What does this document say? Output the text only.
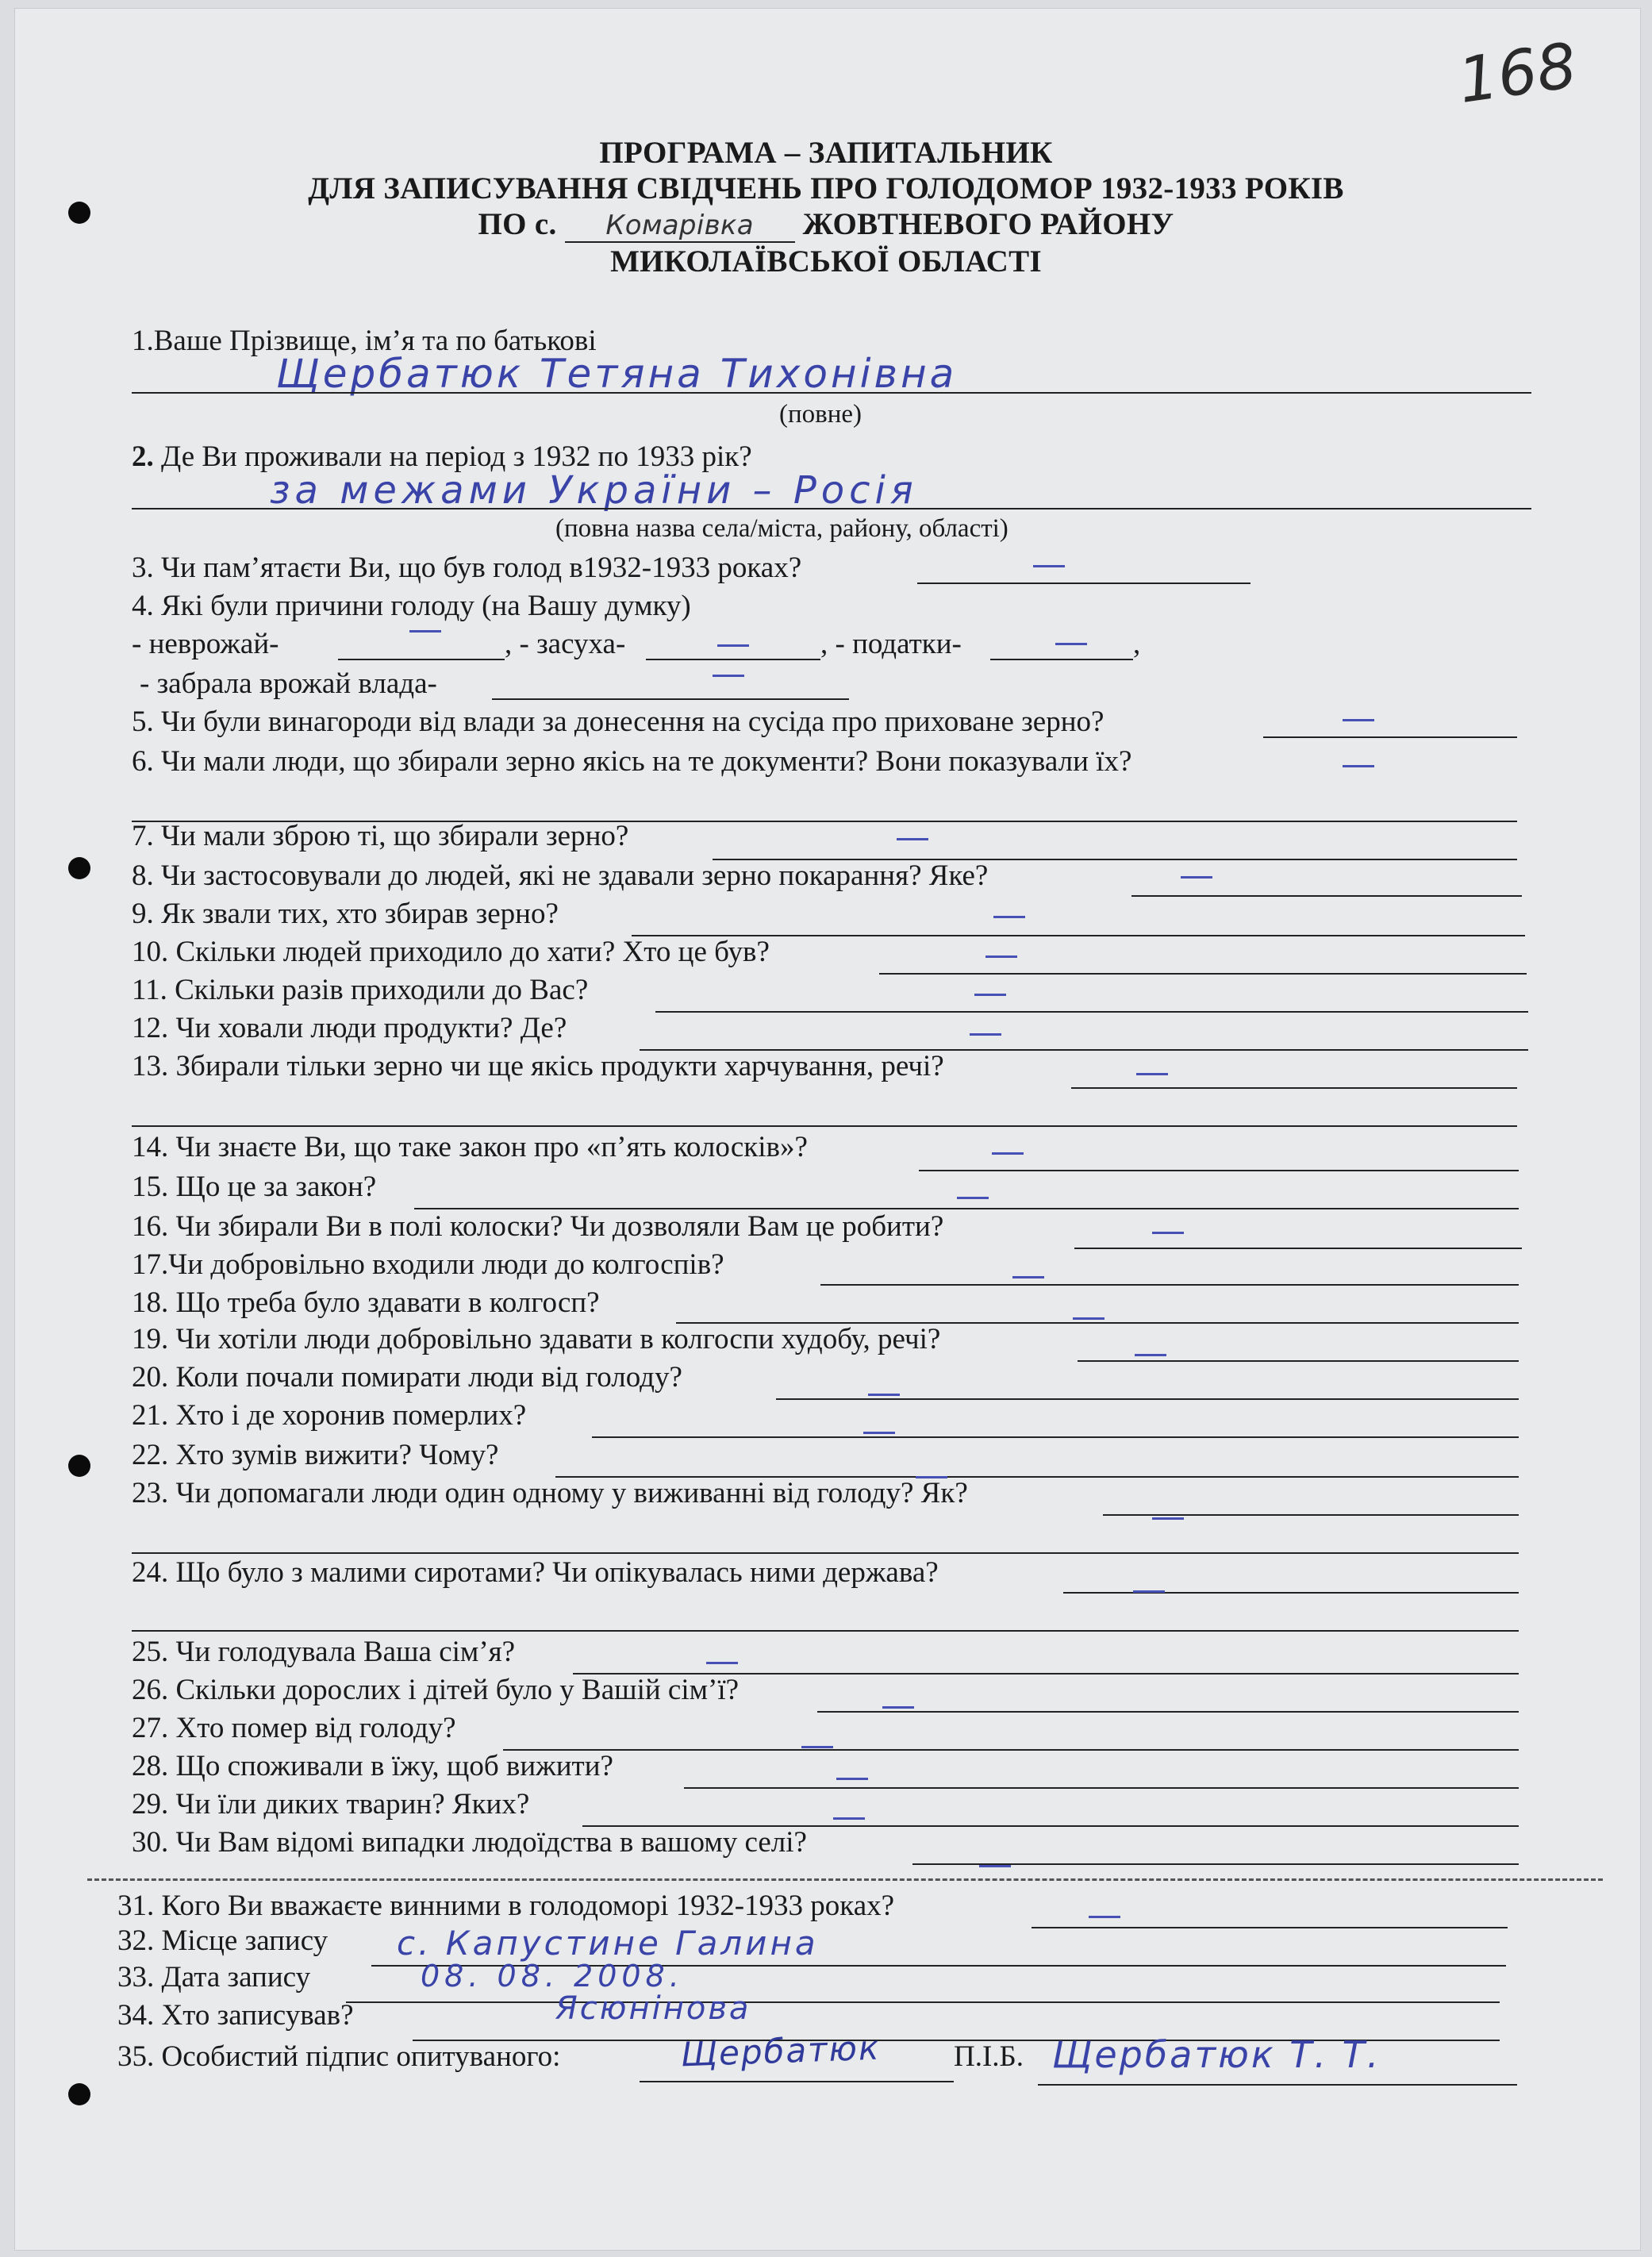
168
ПРОГРАМА – ЗАПИТАЛЬНИК
ДЛЯ ЗАПИСУВАННЯ СВІДЧЕНЬ ПРО ГОЛОДОМОР 1932-1933 РОКІВ
ПО с. Комарівка ЖОВТНЕВОГО РАЙОНУ
МИКОЛАЇВСЬКОЇ ОБЛАСТІ
1.Ваше Прізвище, ім’я та по батькові
Щербатюк Тетяна Тихонівна
(повне)
2. Де Ви проживали на період з 1932 по 1933 рік?
за межами України – Росія
(повна назва села/міста, району, області)
3. Чи пам’ятаєти Ви, що був голод в1932-1933 роках?
4. Які були причини голоду (на Вашу думку)
- неврожай-	, - засуха-	, - податки-	,
- забрала врожай влада-
5. Чи були винагороди від влади за донесення на сусіда про приховане зерно?
6. Чи мали люди, що збирали зерно якісь на те документи? Вони показували їх?
7. Чи мали зброю ті, що збирали зерно?
8. Чи застосовували до людей, які не здавали зерно покарання? Яке?
9. Як звали тих, хто збирав зерно?
10. Скільки людей приходило до хати? Хто це був?
11. Скільки разів приходили до Вас?
12. Чи ховали люди продукти? Де?
13. Збирали тільки зерно чи ще якісь продукти харчування, речі?
14. Чи знаєте Ви, що таке закон про «п’ять колосків»?
15. Що це за закон?
16. Чи збирали Ви в полі колоски? Чи дозволяли Вам це робити?
17.Чи добровільно входили люди до колгоспів?
18. Що треба було здавати в колгосп?
19. Чи хотіли люди добровільно здавати в колгоспи худобу, речі?
20. Коли почали помирати люди від голоду?
21. Хто і де хоронив померлих?
22. Хто зумів вижити? Чому?
23. Чи допомагали люди один одному у виживанні від голоду? Як?
24. Що було з малими сиротами? Чи опікувалась ними держава?
25. Чи голодувала Ваша сім’я?
26. Скільки дорослих і дітей було у Вашій сім’ї?
27. Хто помер від голоду?
28. Що споживали в їжу, щоб вижити?
29. Чи їли диких тварин? Яких?
30. Чи Вам відомі випадки людоїдства в вашому селі?
31. Кого Ви вважаєте винними в голодоморі 1932-1933 роках?
32. Місце запису с. Капустине Галина
33. Дата запису	08. 08. 2008.
34. Хто записував?	Ясюнінова
35. Особистий підпис опитуваного:	Щербатюк П.І.Б. Щербатюк Т. Т.
